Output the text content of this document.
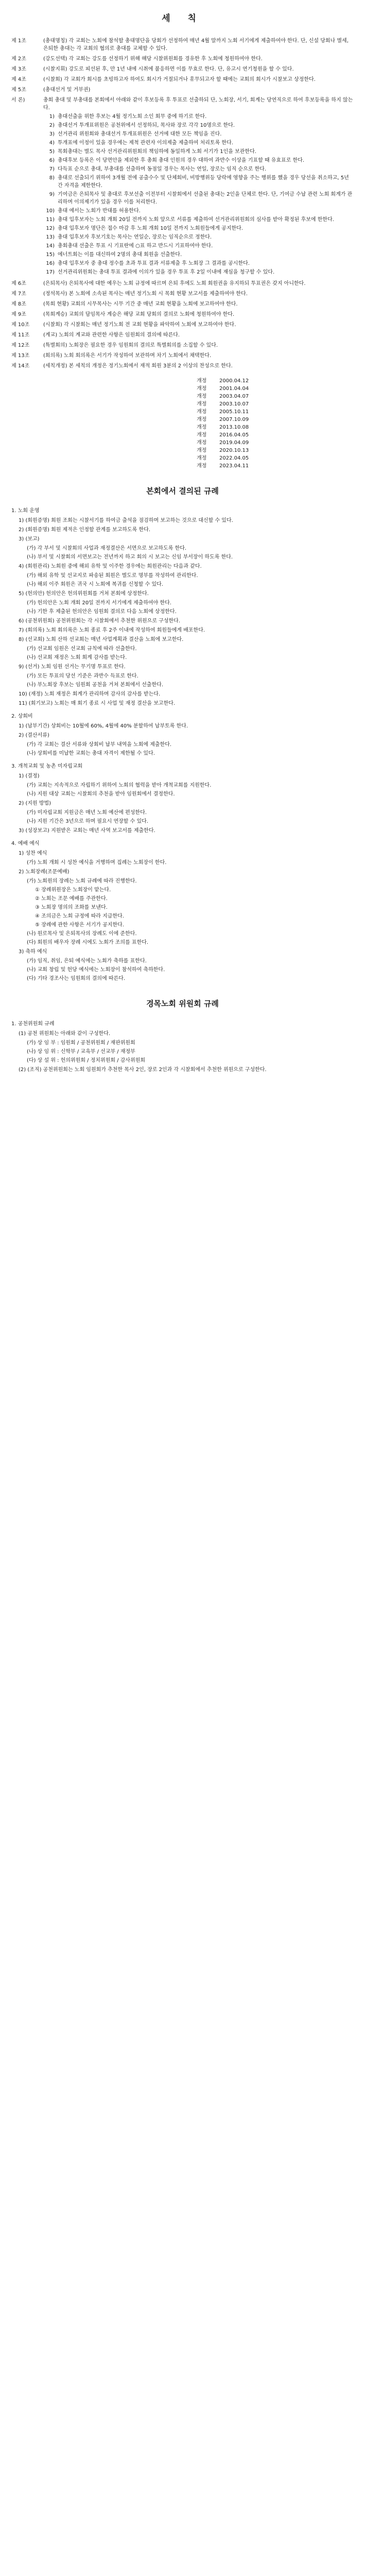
세 칙
제 1조	(총대명칭) 각 교회는 노회에 참석할 총대명단을 당회가 선정하여 매년 4월 말까지 노회 서기에게 제출하여야 한다. 단, 신설 당회나 별세, 은퇴한 총대는 각 교회의 협의로 총대를 교체할 수 있다.
제 2조	(강도선택) 각 교회는 강도를 선정하기 위해 해당 시찰위원회를 경유한 후 노회에 청원하여야 한다.
제 3조	(시찰지휘) 강도로 피선된 후, 만 1년 내에 시취에 불응하면 이를 무효로 한다. 단, 유고시 연기청원을 할 수 있다.
제 4조	(시찰회) 각 교회가 회시를 초빙하고자 하여도 회시가 거절되거나 휴무되고자 할 때에는 교회의 회시가 시찰보고 상정한다.
제 5조	(총대선거 및 거부권)
서 론)	총회 총대 및 부총대를 본회에서 아래와 같이 후보등록 후 투표로 선출하되 단, 노회장, 서기, 회계는 당연직으로 하여 후보등록을 하지 않는다.
1) 총대선출을 위한 후보는 4월 정기노회 소인 회무 중에 하기로 한다.
2) 총대선거 투개표위원은 공천위에서 선정하되, 목사와 장로 각각 10명으로 한다.
3) 선거관리 위원회와 총대선거 투개표위원은 선거에 대한 모든 책임을 진다.
4) 투개표에 이정이 있을 경우에는 제척 관련자 이의제출 제출하여 처리토록 한다.
5) 목회총대는 별도 목사 선거관리위원회의 책임하에 동일하게 노회 서기가 1인을 보관한다.
6) 총대후보 등록은 이 당면안을 제외한 후 총회 총대 인원의 경우 대하여 과반수 이상을 기표할 때 유효표로 한다.
7) 다득표 순으로 총대, 부총대를 선출하며 동점일 경우는 목사는 연일, 장로는 임직 순으로 한다.
8) 총대로 선출되기 위하여 3개월 전에 공출수수 및 단체회비, 비방행위등 당락에 영향을 주는 행위를 했을 경우 당선을 취소하고, 5년간 자격을 제한한다.
9) 기여금은 은퇴목사 및 총대로 후보선출 이전부터 시찰회에서 선출된 총대는 2인을 단체로 한다. 단, 기여금 수납 관련 노회 회계가 관리하며 이의제기가 있을 경우 이를 처리한다.
10) 총대 에서는 노회가 반대를 허용한다.
11) 총대 입후보자는 노회 개회 20일 전까지 노회 앞으로 서류를 제출하여 선거관리위원회의 심사를 받아 확정된 후보에 한한다.
12) 총대 입후보자 명단은 접수 마감 후 노회 개회 10일 전까지 노회원들에게 공지한다.
13) 총대 입후보자 후보기호는 목사는 연일순, 장로는 임직순으로 정한다.
14) 총회총대 선출은 투표 시 기표란에 ○표 하고 반드시 기표하여야 한다.
15) 에너트회는 이를 대신하여 2명의 총대 회원을 선출한다.
16) 총대 입후보자 중 총대 정수를 초과 투표 결과 서류제출 후 노회장 그 결과를 공시한다.
17) 선거관리위원회는 총대 투표 결과에 이의가 있을 경우 투표 후 2일 이내에 재심을 청구할 수 있다.
제 6조	(은퇴목사) 은퇴목사에 대한 예우는 노회 규정에 따르며 은퇴 후에도 노회 회원권을 유지하되 투표권은 갖지 아니한다.
제 7조	(정석목사) 본 노회에 소속된 목사는 매년 정기노회 시 목회 현황 보고서를 제출하여야 한다.
제 8조	(목회 현황) 교회의 시무목사는 시무 기간 중 매년 교회 현황을 노회에 보고하여야 한다.
제 9조	(목회계승) 교회의 담임목사 계승은 해당 교회 당회의 결의로 노회에 청원하여야 한다.
제 10조	(시찰회) 각 시찰회는 매년 정기노회 전 교회 현황을 파악하여 노회에 보고하여야 한다.
제 11조	(계교) 노회의 계교와 관련한 사항은 임원회의 결의에 따른다.
제 12조	(특별회의) 노회장은 필요한 경우 임원회의 결의로 특별회의를 소집할 수 있다.
제 13조	(회의록) 노회 회의록은 서기가 작성하여 보관하며 차기 노회에서 채택한다.
제 14조	(세칙개정) 본 세칙의 개정은 정기노회에서 재적 회원 3분의 2 이상의 찬성으로 한다.
개정	2000.04.12
개정	2001.04.04
개정	2003.04.07
개정	2003.10.07
개정	2005.10.11
개정	2007.10.09
개정	2013.10.08
개정	2016.04.05
개정	2019.04.09
개정	2020.10.13
개정	2022.04.05
개정	2023.04.11
본회에서 결의된 규례
1. 노회 운영
1) (회원증명) 회원 조회는 시찰서기를 하여금 출석을 점검하며 보고하는 것으로 대신할 수 있다.
2) (회원증명) 회원 제적은 인정할 관계를 보고하도록 한다.
3) (보고)
(가) 각 부서 및 시찰회의 사업과 재정결산은 서면으로 보고하도록 한다.
(나) 부서 및 시찰회의 서면보고는 전년까지 하고 회의 시 보고는 신임 부서장이 하도록 한다.
4) (회원관리) 노회원 중에 해외 유학 및 이주한 경우에는 회원관리는 다음과 같다.
(가) 해외 유학 및 선교지로 파송된 회원은 별도로 명부를 작성하여 관리한다.
(나) 해외 이주 회원은 귀국 시 노회에 복귀를 신청할 수 있다.
5) (헌의안) 헌의안은 헌의위원회를 거쳐 본회에 상정한다.
(가) 헌의안은 노회 개회 20일 전까지 서기에게 제출하여야 한다.
(나) 기한 후 제출된 헌의안은 임원회 결의로 다음 노회에 상정한다.
6) (공천위원회) 공천위원회는 각 시찰회에서 추천한 위원으로 구성한다.
7) (회의록) 노회 회의록은 노회 종료 후 2주 이내에 작성하여 회원들에게 배포한다.
8) (선교회) 노회 산하 선교회는 매년 사업계획과 결산을 노회에 보고한다.
(가) 선교회 임원은 선교회 규칙에 따라 선출한다.
(나) 선교회 재정은 노회 회계 감사를 받는다.
9) (선거) 노회 임원 선거는 무기명 투표로 한다.
(가) 모든 투표의 당선 기준은 과반수 득표로 한다.
(나) 부노회장 후보는 임원회 공천을 거쳐 본회에서 선출한다.
10) (재정) 노회 재정은 회계가 관리하며 감사의 감사를 받는다.
11) (회기보고) 노회는 매 회기 종료 시 사업 및 재정 결산을 보고한다.
2. 상회비
1) (납부기간) 상회비는 10월에 60%, 4월에 40% 분할하여 납부토록 한다.
2) (결산서류)
(가) 각 교회는 결산 서류와 상회비 납부 내역을 노회에 제출한다.
(나) 상회비를 미납한 교회는 총대 자격이 제한될 수 있다.
3. 개척교회 및 농촌 미자립교회
1) (결정)
(가) 교회는 지속적으로 자립하기 위하여 노회의 협력을 받아 개척교회를 지원한다.
(나) 지원 대상 교회는 시찰회의 추천을 받아 임원회에서 결정한다.
2) (지원 방법)
(가) 미자립교회 지원금은 매년 노회 예산에 편성한다.
(나) 지원 기간은 3년으로 하며 필요시 연장할 수 있다.
3) (성장보고) 지원받은 교회는 매년 사역 보고서를 제출한다.
4. 예배 예식
1) 성찬 예식
(가) 노회 개회 시 성찬 예식을 거행하며 집례는 노회장이 한다.
2) 노회장례(조문예배)
(가) 노회원의 장례는 노회 규례에 따라 진행한다.
① 장례위원장은 노회장이 맡는다.
② 노회는 조문 예배를 주관한다.
③ 노회장 명의의 조화를 보낸다.
④ 조의금은 노회 규정에 따라 지급한다.
⑤ 장례에 관한 사항은 서기가 공지한다.
(나) 원로목사 및 은퇴목사의 장례도 이에 준한다.
(다) 회원의 배우자 장례 시에도 노회가 조의를 표한다.
3) 축하 예식
(가) 임직, 취임, 은퇴 예식에는 노회가 축하를 표한다.
(나) 교회 창립 및 헌당 예식에는 노회장이 참석하여 축하한다.
(다) 기타 경조사는 임원회의 결의에 따른다.
경목노회 위원회 규례
1. 공천위원회 규례
(1) 공천 위원회는 아래와 같이 구성한다.
(가) 상 임 부 : 임원회 / 공천위원회 / 재판위원회
(나) 상 임 위 : 신학부 / 교육부 / 선교부 / 재정부
(다) 상 설 위 : 헌의위원회 / 정치위원회 / 감사위원회
(2) (조직) 공천위원회는 노회 임원회가 추천한 목사 2인, 장로 2인과 각 시찰회에서 추천한 위원으로 구성한다.
